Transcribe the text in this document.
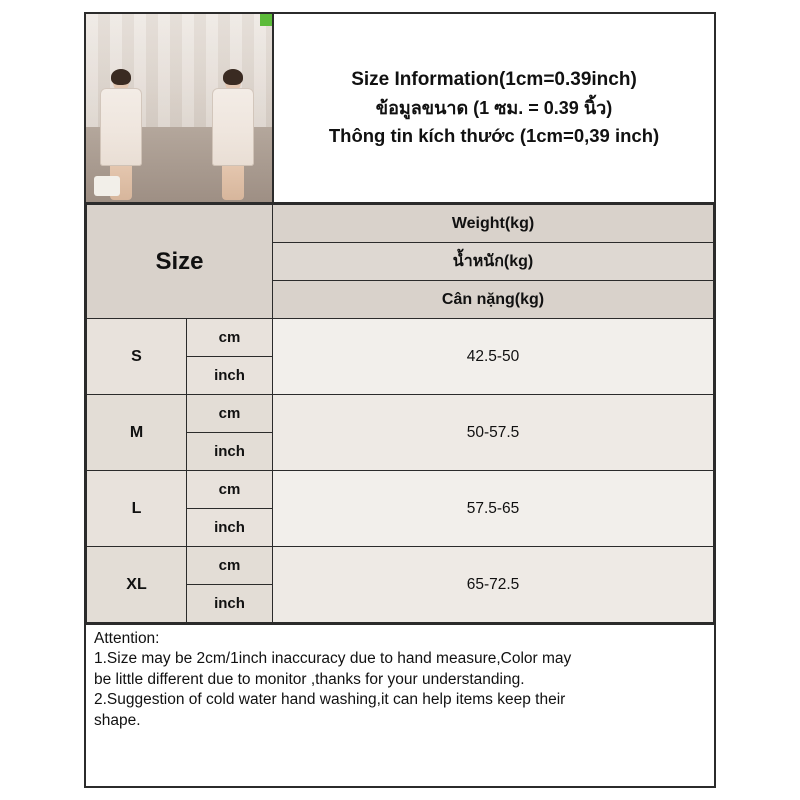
Size Information(1cm=0.39inch)
ข้อมูลขนาด (1 ซม. = 0.39 นิ้ว)
Thông tin kích thước (1cm=0,39 inch)
Size		Weight(kg)
		น้ำหนัก(kg)
		Cân nặng(kg)
S	cm	42.5-50
	inch	
M	cm	50-57.5
	inch	
L	cm	57.5-65
	inch	
XL	cm	65-72.5
	inch	

Attention:

1.Size may be 2cm/1inch inaccuracy due to hand measure,Color may

be little different due to monitor ,thanks for your understanding.

2.Suggestion of cold water hand washing,it can help items keep their

shape.
